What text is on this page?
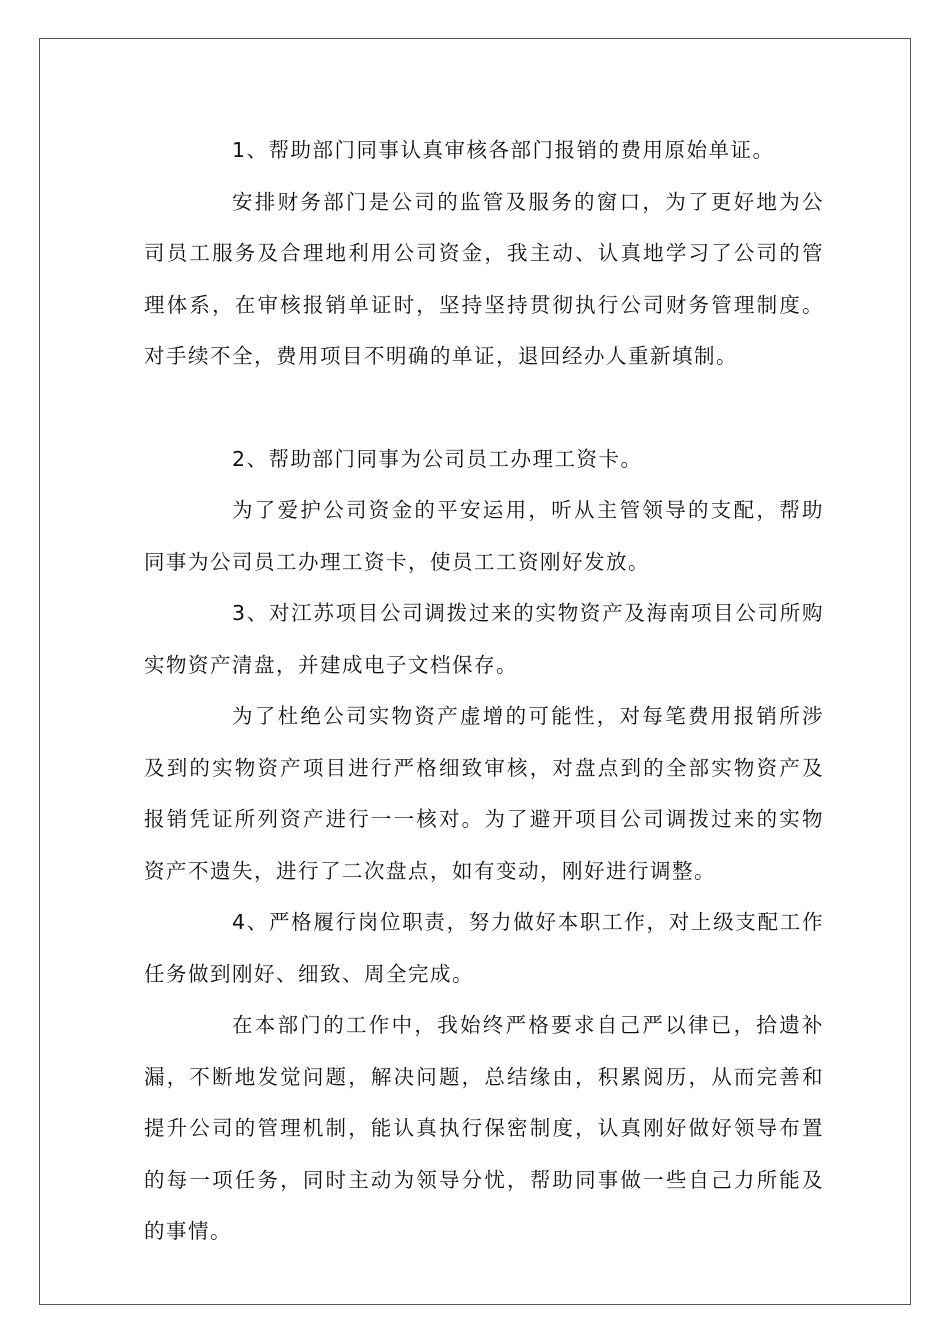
1、帮助部门同事认真审核各部门报销的费用原始单证。

安排财务部门是公司的监管及服务的窗口，为了更好地为公司员工服务及合理地利用公司资金，我主动、认真地学习了公司的管理体系，在审核报销单证时，坚持坚持贯彻执行公司财务管理制度。对手续不全，费用项目不明确的单证，退回经办人重新填制。

2、帮助部门同事为公司员工办理工资卡。

为了爱护公司资金的平安运用，听从主管领导的支配，帮助同事为公司员工办理工资卡，使员工工资刚好发放。

3、对江苏项目公司调拨过来的实物资产及海南项目公司所购实物资产清盘，并建成电子文档保存。

为了杜绝公司实物资产虚增的可能性，对每笔费用报销所涉及到的实物资产项目进行严格细致审核，对盘点到的全部实物资产及报销凭证所列资产进行一一核对。为了避开项目公司调拨过来的实物资产不遗失，进行了二次盘点，如有变动，刚好进行调整。

4、严格履行岗位职责，努力做好本职工作，对上级支配工作任务做到刚好、细致、周全完成。

在本部门的工作中，我始终严格要求自己严以律已，拾遗补漏，不断地发觉问题，解决问题，总结缘由，积累阅历，从而完善和提升公司的管理机制，能认真执行保密制度，认真刚好做好领导布置的每一项任务，同时主动为领导分忧，帮助同事做一些自己力所能及的事情。
